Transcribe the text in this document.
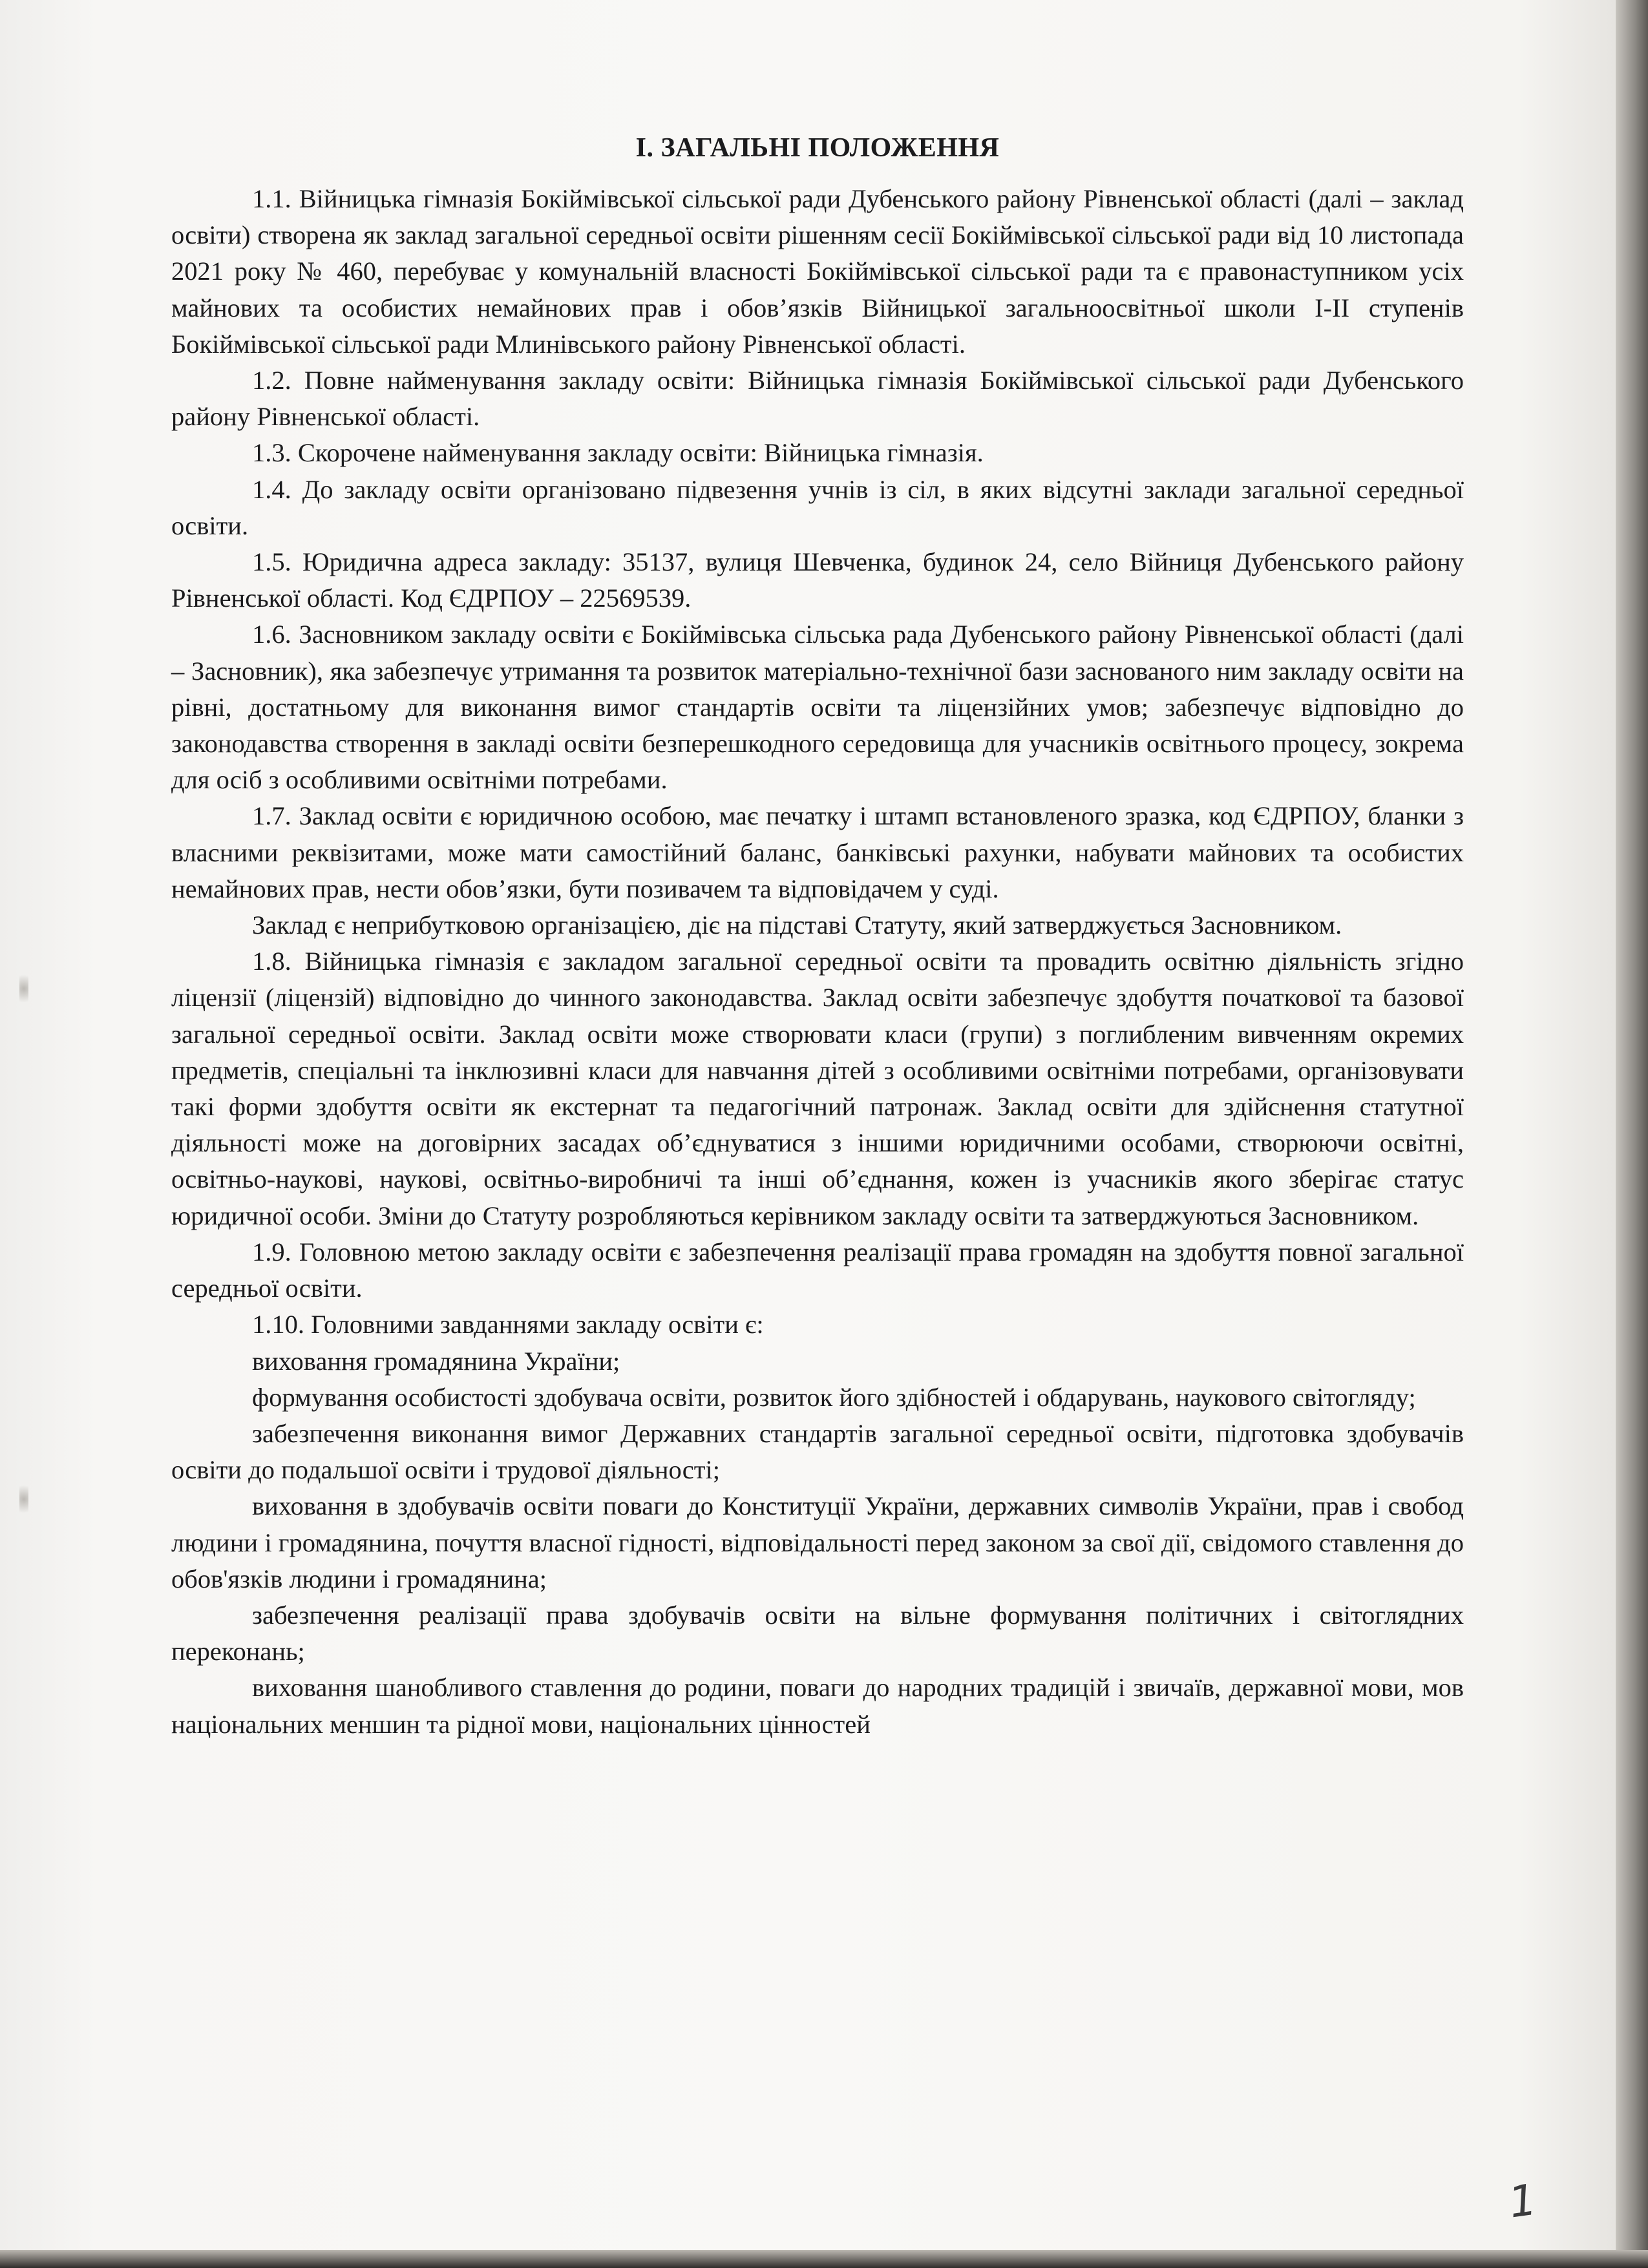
І. ЗАГАЛЬНІ ПОЛОЖЕННЯ

1.1. Війницька гімназія Бокіймівської сільської ради Дубенського району Рівненської області (далі – заклад освіти) створена як заклад загальної середньої освіти рішенням сесії Бокіймівської сільської ради від 10 листопада 2021 року № 460, перебуває у комунальній власності Бокіймівської сільської ради та є правонаступником усіх майнових та особистих немайнових прав і обов’язків Війницької загальноосвітньої школи І-ІІ ступенів Бокіймівської сільської ради Млинівського району Рівненської області.

1.2. Повне найменування закладу освіти: Війницька гімназія Бокіймівської сільської ради Дубенського району Рівненської області.

1.3. Скорочене найменування закладу освіти: Війницька гімназія.

1.4. До закладу освіти організовано підвезення учнів із сіл, в яких відсутні заклади загальної середньої освіти.

1.5. Юридична адреса закладу: 35137, вулиця Шевченка, будинок 24, село Війниця Дубенського району Рівненської області. Код ЄДРПОУ – 22569539.

1.6. Засновником закладу освіти є Бокіймівська сільська рада Дубенського району Рівненської області (далі – Засновник), яка забезпечує утримання та розвиток матеріально-технічної бази заснованого ним закладу освіти на рівні, достатньому для виконання вимог стандартів освіти та ліцензійних умов; забезпечує відповідно до законодавства створення в закладі освіти безперешкодного середовища для учасників освітнього процесу, зокрема для осіб з особливими освітніми потребами.

1.7. Заклад освіти є юридичною особою, має печатку і штамп встановленого зразка, код ЄДРПОУ, бланки з власними реквізитами, може мати самостійний баланс, банківські рахунки, набувати майнових та особистих немайнових прав, нести обов’язки, бути позивачем та відповідачем у суді.

Заклад є неприбутковою організацією, діє на підставі Статуту, який затверджується Засновником.

1.8. Війницька гімназія є закладом загальної середньої освіти та провадить освітню діяльність згідно ліцензії (ліцензій) відповідно до чинного законодавства. Заклад освіти забезпечує здобуття початкової та базової загальної середньої освіти. Заклад освіти може створювати класи (групи) з поглибленим вивченням окремих предметів, спеціальні та інклюзивні класи для навчання дітей з особливими освітніми потребами, організовувати такі форми здобуття освіти як екстернат та педагогічний патронаж. Заклад освіти для здійснення статутної діяльності може на договірних засадах об’єднуватися з іншими юридичними особами, створюючи освітні, освітньо-наукові, наукові, освітньо-виробничі та інші об’єднання, кожен із учасників якого зберігає статус юридичної особи. Зміни до Статуту розробляються керівником закладу освіти та затверджуються Засновником.

1.9. Головною метою закладу освіти є забезпечення реалізації права громадян на здобуття повної загальної середньої освіти.

1.10. Головними завданнями закладу освіти є:

виховання громадянина України;

формування особистості здобувача освіти, розвиток його здібностей і обдарувань, наукового світогляду;

забезпечення виконання вимог Державних стандартів загальної середньої освіти, підготовка здобувачів освіти до подальшої освіти і трудової діяльності;

виховання в здобувачів освіти поваги до Конституції України, державних символів України, прав і свобод людини і громадянина, почуття власної гідності, відповідальності перед законом за свої дії, свідомого ставлення до обов'язків людини і громадянина;

забезпечення реалізації права здобувачів освіти на вільне формування політичних і світоглядних переконань;

виховання шанобливого ставлення до родини, поваги до народних традицій і звичаїв, державної мови, мов національних меншин та рідної мови, національних цінностей

1
